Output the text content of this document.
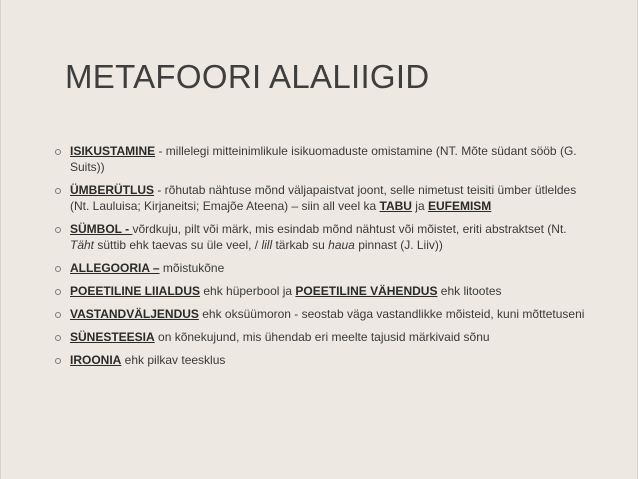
METAFOORI ALALIIGID
ISIKUSTAMINE - millelegi mitteinimlikule isikuomaduste omistamine (NT. Mõte südant sööb (G. Suits))
ÜMBERÜTLUS - rõhutab nähtuse mõnd väljapaistvat joont, selle nimetust teisiti ümber ütleldes (Nt. Lauluisa; Kirjaneitsi; Emajõe Ateena) – siin all veel ka TABU ja EUFEMISM
SÜMBOL - võrdkuju, pilt või märk, mis esindab mõnd nähtust või mõistet, eriti abstraktset (Nt. Täht süttib ehk taevas su üle veel, / lill tärkab su haua pinnast (J. Liiv))
ALLEGOORIA – mõistukõne
POEETILINE LIIALDUS ehk hüperbool ja POEETILINE VÄHENDUS ehk litootes
VASTANDVÄLJENDUS ehk oksüümoron - seostab väga vastandlikke mõisteid, kuni mõttetuseni
SÜNESTEESIA on kõnekujund, mis ühendab eri meelte tajusid märkivaid sõnu
IROONIA ehk pilkav teesklus
